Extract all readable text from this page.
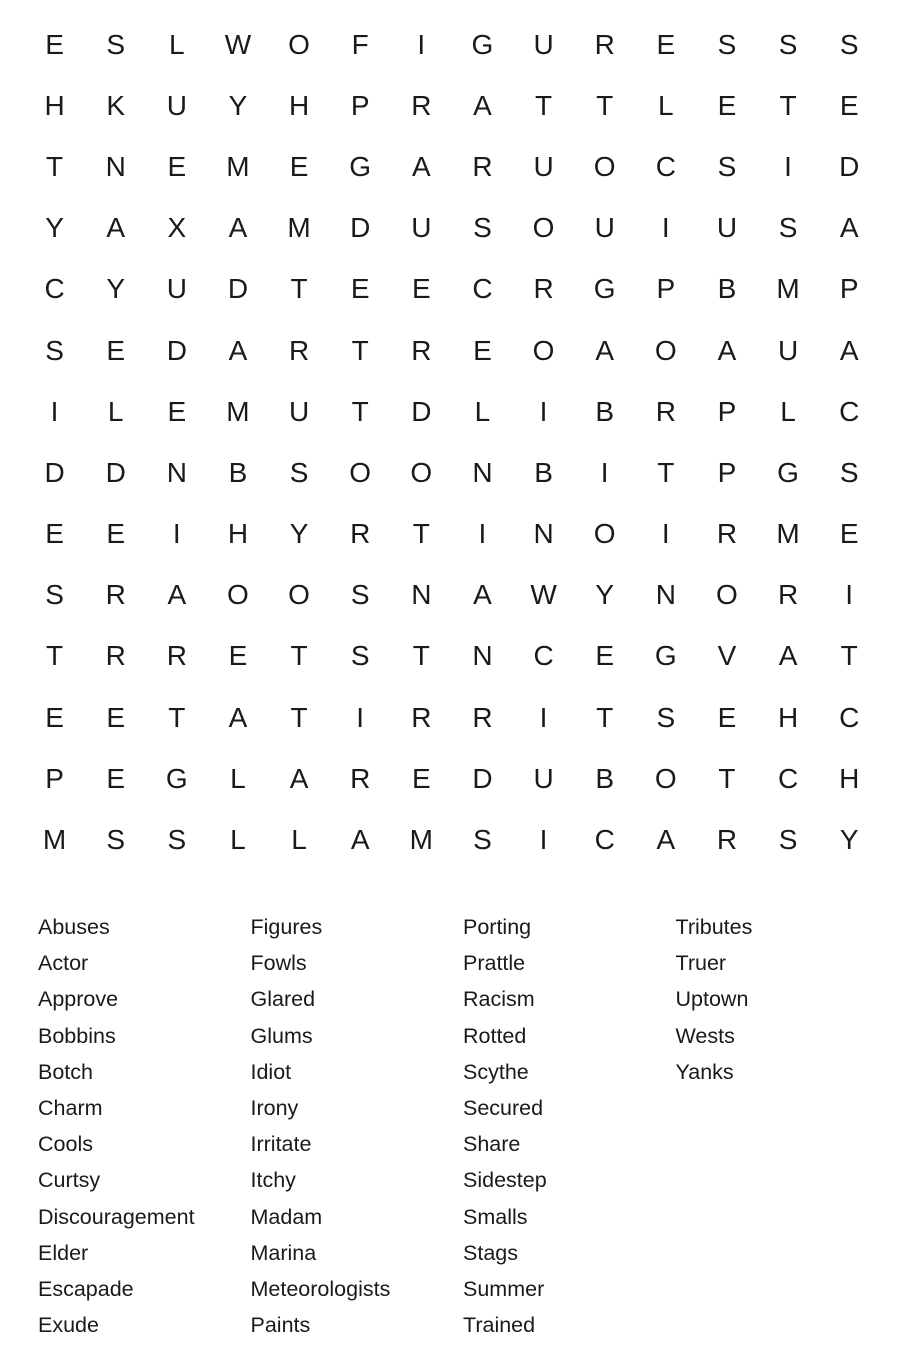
E	S	L	W	O	F	I	G	U	R	E	S	S	S
H	K	U	Y	H	P	R	A	T	T	L	E	T	E
T	N	E	M	E	G	A	R	U	O	C	S	I	D
Y	A	X	A	M	D	U	S	O	U	I	U	S	A
C	Y	U	D	T	E	E	C	R	G	P	B	M	P
S	E	D	A	R	T	R	E	O	A	O	A	U	A
I	L	E	M	U	T	D	L	I	B	R	P	L	C
D	D	N	B	S	O	O	N	B	I	T	P	G	S
E	E	I	H	Y	R	T	I	N	O	I	R	M	E
S	R	A	O	O	S	N	A	W	Y	N	O	R	I
T	R	R	E	T	S	T	N	C	E	G	V	A	T
E	E	T	A	T	I	R	R	I	T	S	E	H	C
P	E	G	L	A	R	E	D	U	B	O	T	C	H
M	S	S	L	L	A	M	S	I	C	A	R	S	Y
Abuses
Actor
Approve
Bobbins
Botch
Charm
Cools
Curtsy
Discouragement
Elder
Escapade
Exude
Figures
Fowls
Glared
Glums
Idiot
Irony
Irritate
Itchy
Madam
Marina
Meteorologists
Paints
Porting
Prattle
Racism
Rotted
Scythe
Secured
Share
Sidestep
Smalls
Stags
Summer
Trained
Tributes
Truer
Uptown
Wests
Yanks
